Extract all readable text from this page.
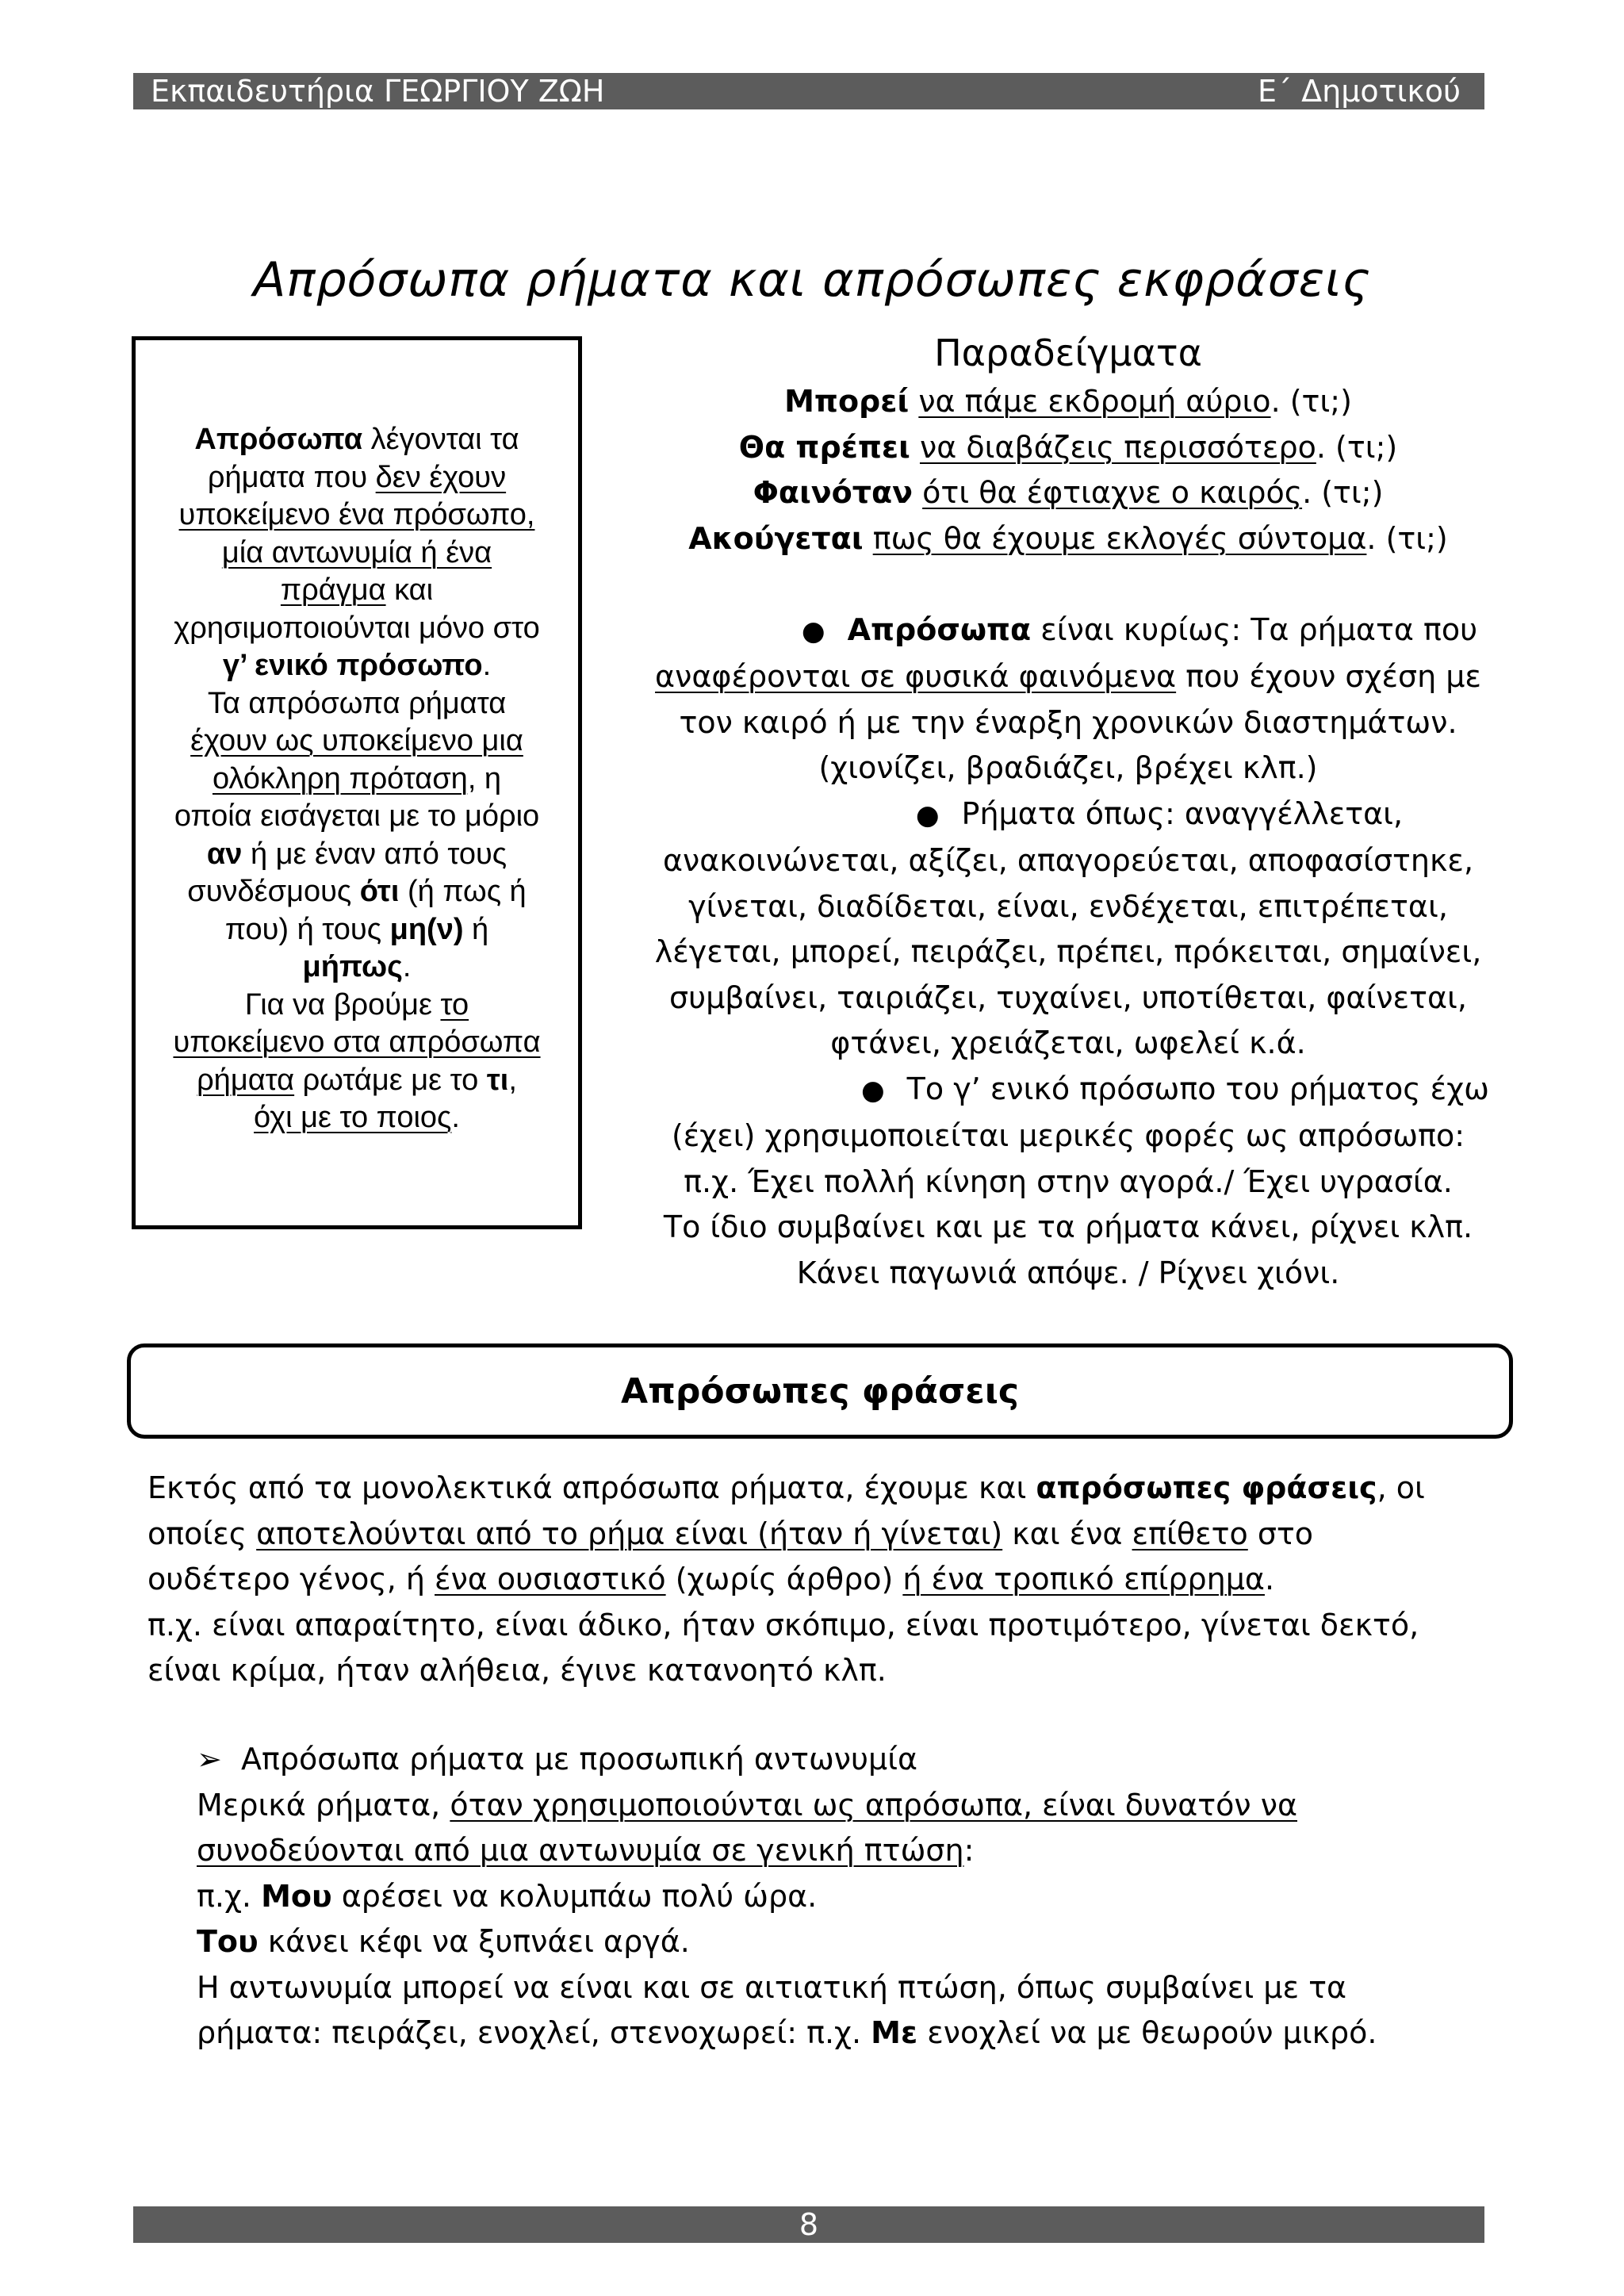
Εκπαιδευτήρια ΓΕΩΡΓΙΟΥ ΖΩΗ	Ε΄ Δημοτικού
Απρόσωπα ρήματα και απρόσωπες εκφράσεις

Απρόσωπα λέγονται τα

ρήματα που δεν έχουν

υποκείμενο ένα πρόσωπο,

μία αντωνυμία ή ένα

πράγμα και

χρησιμοποιούνται μόνο στο

γ’ ενικό πρόσωπο.

Τα απρόσωπα ρήματα

έχουν ως υποκείμενο μια

ολόκληρη πρόταση, η

οποία εισάγεται με το μόριο

αν ή με έναν από τους

συνδέσμους ότι (ή πως ή

που) ή τους μη(ν) ή

μήπως.

Για να βρούμε το

υποκείμενο στα απρόσωπα

ρήματα ρωτάμε με το τι,

όχι με το ποιος.

Παραδείγματα

Μπορεί να πάμε εκδρομή αύριο. (τι;)

Θα πρέπει να διαβάζεις περισσότερο. (τι;)

Φαινόταν ότι θα έφτιαχνε ο καιρός. (τι;)

Ακούγεται πως θα έχουμε εκλογές σύντομα. (τι;)

● Απρόσωπα είναι κυρίως: Τα ρήματα που

αναφέρονται σε φυσικά φαινόμενα που έχουν σχέση με

τον καιρό ή με την έναρξη χρονικών διαστημάτων.

(χιονίζει, βραδιάζει, βρέχει κλπ.)

● Ρήματα όπως: αναγγέλλεται,

ανακοινώνεται, αξίζει, απαγορεύεται, αποφασίστηκε,

γίνεται, διαδίδεται, είναι, ενδέχεται, επιτρέπεται,

λέγεται, μπορεί, πειράζει, πρέπει, πρόκειται, σημαίνει,

συμβαίνει, ταιριάζει, τυχαίνει, υποτίθεται, φαίνεται,

φτάνει, χρειάζεται, ωφελεί κ.ά.

● Το γ’ ενικό πρόσωπο του ρήματος έχω

(έχει) χρησιμοποιείται μερικές φορές ως απρόσωπο:

π.χ. Έχει πολλή κίνηση στην αγορά./ Έχει υγρασία.

Το ίδιο συμβαίνει και με τα ρήματα κάνει, ρίχνει κλπ.

Κάνει παγωνιά απόψε. / Ρίχνει χιόνι.

Απρόσωπες φράσεις

Εκτός από τα μονολεκτικά απρόσωπα ρήματα, έχουμε και απρόσωπες φράσεις, οι

οποίες αποτελούνται από το ρήμα είναι (ήταν ή γίνεται) και ένα επίθετο στο

ουδέτερο γένος, ή ένα ουσιαστικό (χωρίς άρθρο) ή ένα τροπικό επίρρημα.

π.χ. είναι απαραίτητο, είναι άδικο, ήταν σκόπιμο, είναι προτιμότερο, γίνεται δεκτό,

είναι κρίμα, ήταν αλήθεια, έγινε κατανοητό κλπ.

➢ Απρόσωπα ρήματα με προσωπική αντωνυμία

Μερικά ρήματα, όταν χρησιμοποιούνται ως απρόσωπα, είναι δυνατόν να

συνοδεύονται από μια αντωνυμία σε γενική πτώση:

π.χ. Μου αρέσει να κολυμπάω πολύ ώρα.

Του κάνει κέφι να ξυπνάει αργά.

Η αντωνυμία μπορεί να είναι και σε αιτιατική πτώση, όπως συμβαίνει με τα

ρήματα: πειράζει, ενοχλεί, στενοχωρεί: π.χ. Με ενοχλεί να με θεωρούν μικρό.

8
